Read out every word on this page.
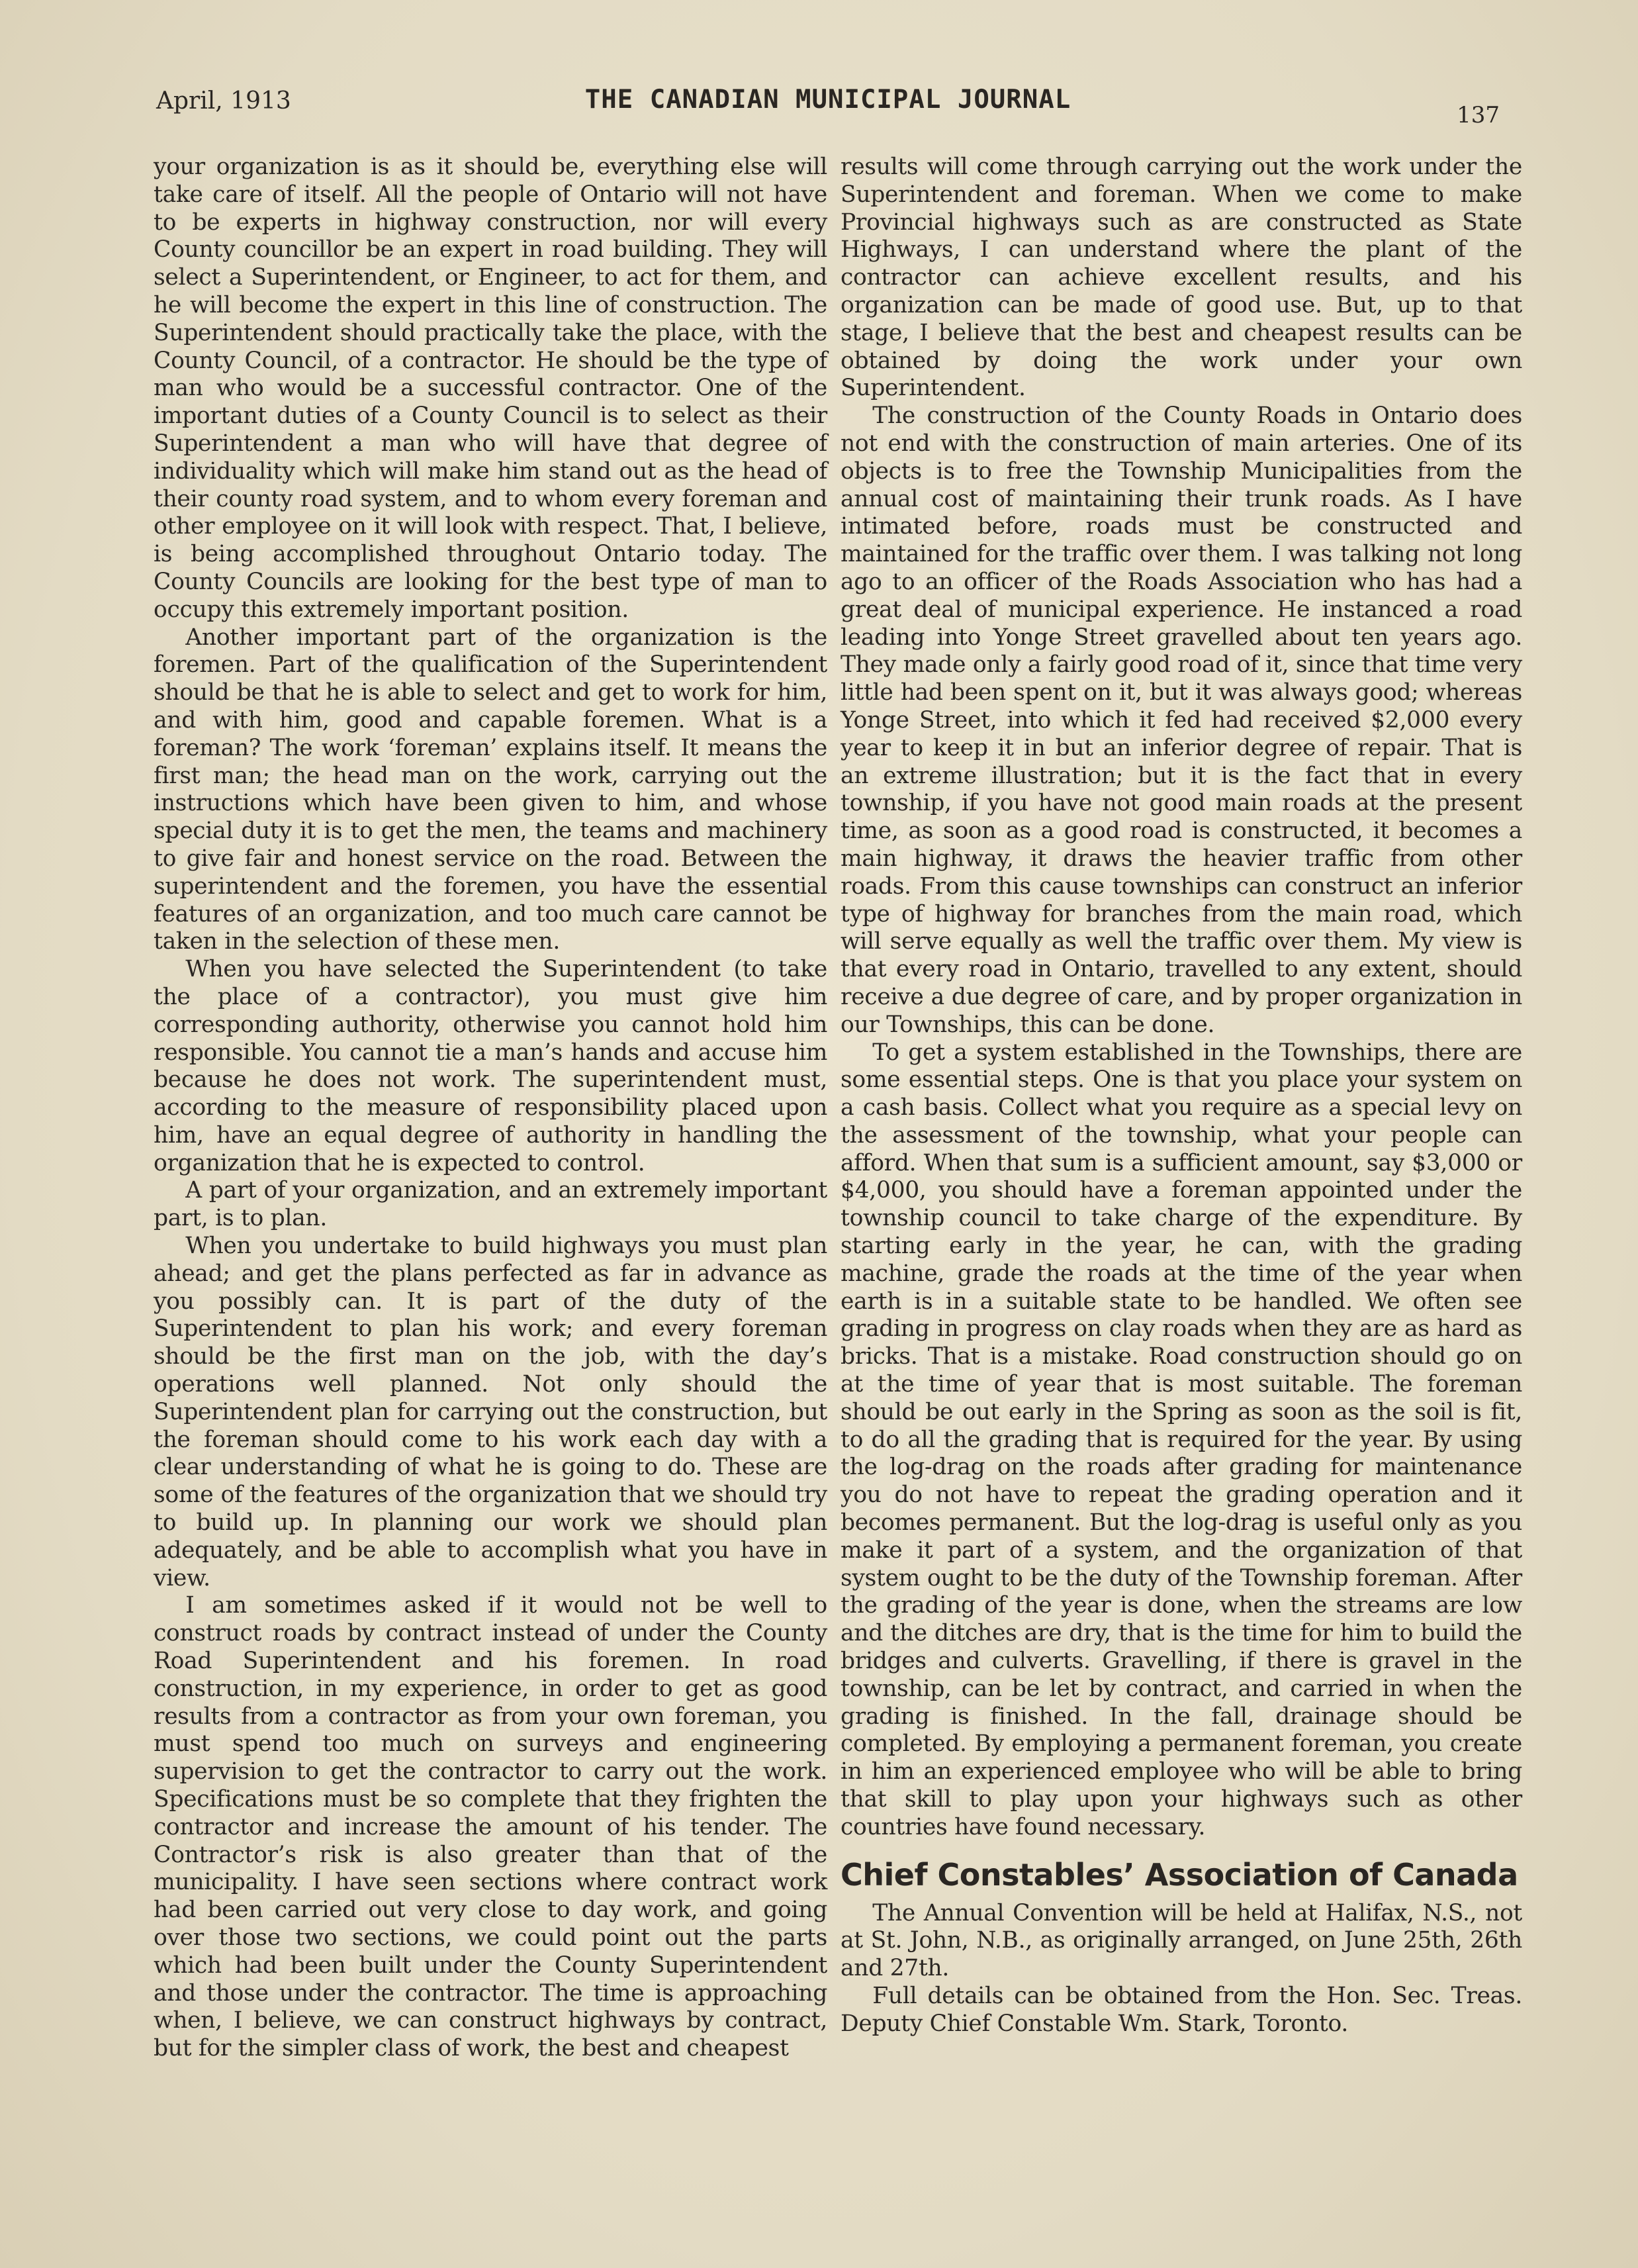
April, 1913	THE CANADIAN MUNICIPAL JOURNAL
137

your organization is as it should be, everything else will take care of itself. All the people of Ontario will not have to be experts in highway construction, nor will every County councillor be an expert in road building. They will select a Superintendent, or Engineer, to act for them, and he will become the expert in this line of construction. The Superintendent should practically take the place, with the County Council, of a contractor. He should be the type of man who would be a successful contractor. One of the important duties of a County Council is to select as their Superintendent a man who will have that degree of individuality which will make him stand out as the head of their county road system, and to whom every foreman and other employee on it will look with respect. That, I believe, is being accomplished throughout Ontario today. The County Councils are looking for the best type of man to occupy this extremely important position.

Another important part of the organization is the foremen. Part of the qualification of the Superintendent should be that he is able to select and get to work for him, and with him, good and capable foremen. What is a foreman? The work ‘foreman’ explains itself. It means the first man; the head man on the work, carrying out the instructions which have been given to him, and whose special duty it is to get the men, the teams and machinery to give fair and honest service on the road. Between the superintendent and the foremen, you have the essential features of an organization, and too much care cannot be taken in the selection of these men.

When you have selected the Superintendent (to take the place of a contractor), you must give him corresponding authority, otherwise you cannot hold him responsible. You cannot tie a man’s hands and accuse him because he does not work. The superintendent must, according to the measure of responsibility placed upon him, have an equal degree of authority in handling the organization that he is expected to control.

A part of your organization, and an extremely important part, is to plan.

When you undertake to build highways you must plan ahead; and get the plans perfected as far in advance as you possibly can. It is part of the duty of the Superintendent to plan his work; and every foreman should be the first man on the job, with the day’s operations well planned. Not only should the Superintendent plan for carrying out the construction, but the foreman should come to his work each day with a clear understanding of what he is going to do. These are some of the features of the organization that we should try to build up. In planning our work we should plan adequately, and be able to accomplish what you have in view.

I am sometimes asked if it would not be well to construct roads by contract instead of under the County Road Superintendent and his foremen. In road construction, in my experience, in order to get as good results from a contractor as from your own foreman, you must spend too much on surveys and engineering supervision to get the contractor to carry out the work. Specifications must be so complete that they frighten the contractor and increase the amount of his tender. The Contractor’s risk is also greater than that of the municipality. I have seen sections where contract work had been carried out very close to day work, and going over those two sections, we could point out the parts which had been built under the County Superintendent and those under the contractor. The time is approaching when, I believe, we can construct highways by contract, but for the simpler class of work, the best and cheapest

results will come through carrying out the work under the Superintendent and foreman. When we come to make Provincial highways such as are constructed as State Highways, I can understand where the plant of the contractor can achieve excellent results, and his organization can be made of good use. But, up to that stage, I believe that the best and cheapest results can be obtained by doing the work under your own Superintendent.

The construction of the County Roads in Ontario does not end with the construction of main arteries. One of its objects is to free the Township Municipalities from the annual cost of maintaining their trunk roads. As I have intimated before, roads must be constructed and maintained for the traffic over them. I was talking not long ago to an officer of the Roads Association who has had a great deal of municipal experience. He instanced a road leading into Yonge Street gravelled about ten years ago. They made only a fairly good road of it, since that time very little had been spent on it, but it was always good; whereas Yonge Street, into which it fed had received $2,000 every year to keep it in but an inferior degree of repair. That is an extreme illustration; but it is the fact that in every township, if you have not good main roads at the present time, as soon as a good road is constructed, it becomes a main highway, it draws the heavier traffic from other roads. From this cause townships can construct an inferior type of highway for branches from the main road, which will serve equally as well the traffic over them. My view is that every road in Ontario, travelled to any extent, should receive a due degree of care, and by proper organization in our Townships, this can be done.

To get a system established in the Townships, there are some essential steps. One is that you place your system on a cash basis. Collect what you require as a special levy on the assessment of the township, what your people can afford. When that sum is a sufficient amount, say $3,000 or $4,000, you should have a foreman appointed under the township council to take charge of the expenditure. By starting early in the year, he can, with the grading machine, grade the roads at the time of the year when earth is in a suitable state to be handled. We often see grading in progress on clay roads when they are as hard as bricks. That is a mistake. Road construction should go on at the time of year that is most suitable. The foreman should be out early in the Spring as soon as the soil is fit, to do all the grading that is required for the year. By using the log-drag on the roads after grading for maintenance you do not have to repeat the grading operation and it becomes permanent. But the log-drag is useful only as you make it part of a system, and the organization of that system ought to be the duty of the Township foreman. After the grading of the year is done, when the streams are low and the ditches are dry, that is the time for him to build the bridges and culverts. Gravelling, if there is gravel in the township, can be let by contract, and carried in when the grading is finished. In the fall, drainage should be completed. By employing a permanent foreman, you create in him an experienced employee who will be able to bring that skill to play upon your highways such as other countries have found necessary.

Chief Constables’ Association of Canada

The Annual Convention will be held at Halifax, N.S., not at St. John, N.B., as originally arranged, on June 25th, 26th and 27th.

Full details can be obtained from the Hon. Sec. Treas. Deputy Chief Constable Wm. Stark, Toronto.
